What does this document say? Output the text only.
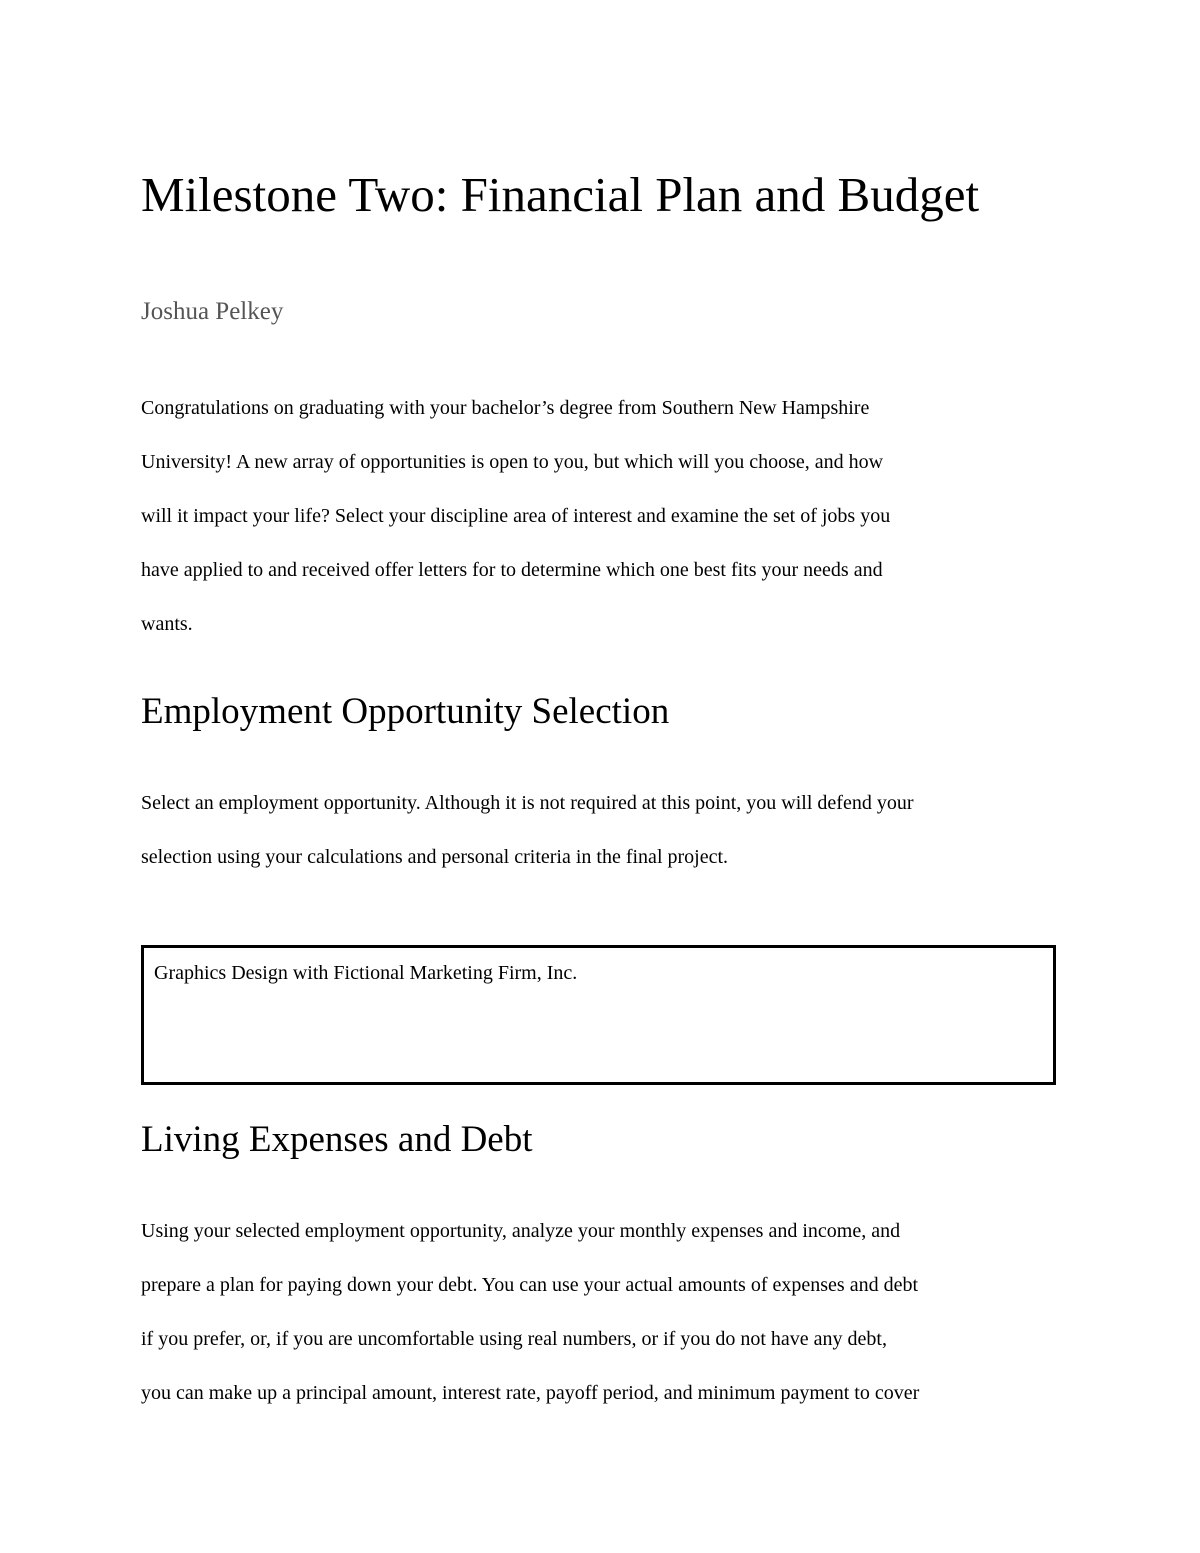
Milestone Two: Financial Plan and Budget
Joshua Pelkey

Congratulations on graduating with your bachelor’s degree from Southern New Hampshire
University! A new array of opportunities is open to you, but which will you choose, and how
will it impact your life? Select your discipline area of interest and examine the set of jobs you
have applied to and received offer letters for to determine which one best fits your needs and
wants.

Employment Opportunity Selection

Select an employment opportunity. Although it is not required at this point, you will defend your
selection using your calculations and personal criteria in the final project.

Graphics Design with Fictional Marketing Firm, Inc.
Living Expenses and Debt

Using your selected employment opportunity, analyze your monthly expenses and income, and
prepare a plan for paying down your debt. You can use your actual amounts of expenses and debt
if you prefer, or, if you are uncomfortable using real numbers, or if you do not have any debt,
you can make up a principal amount, interest rate, payoff period, and minimum payment to cover
